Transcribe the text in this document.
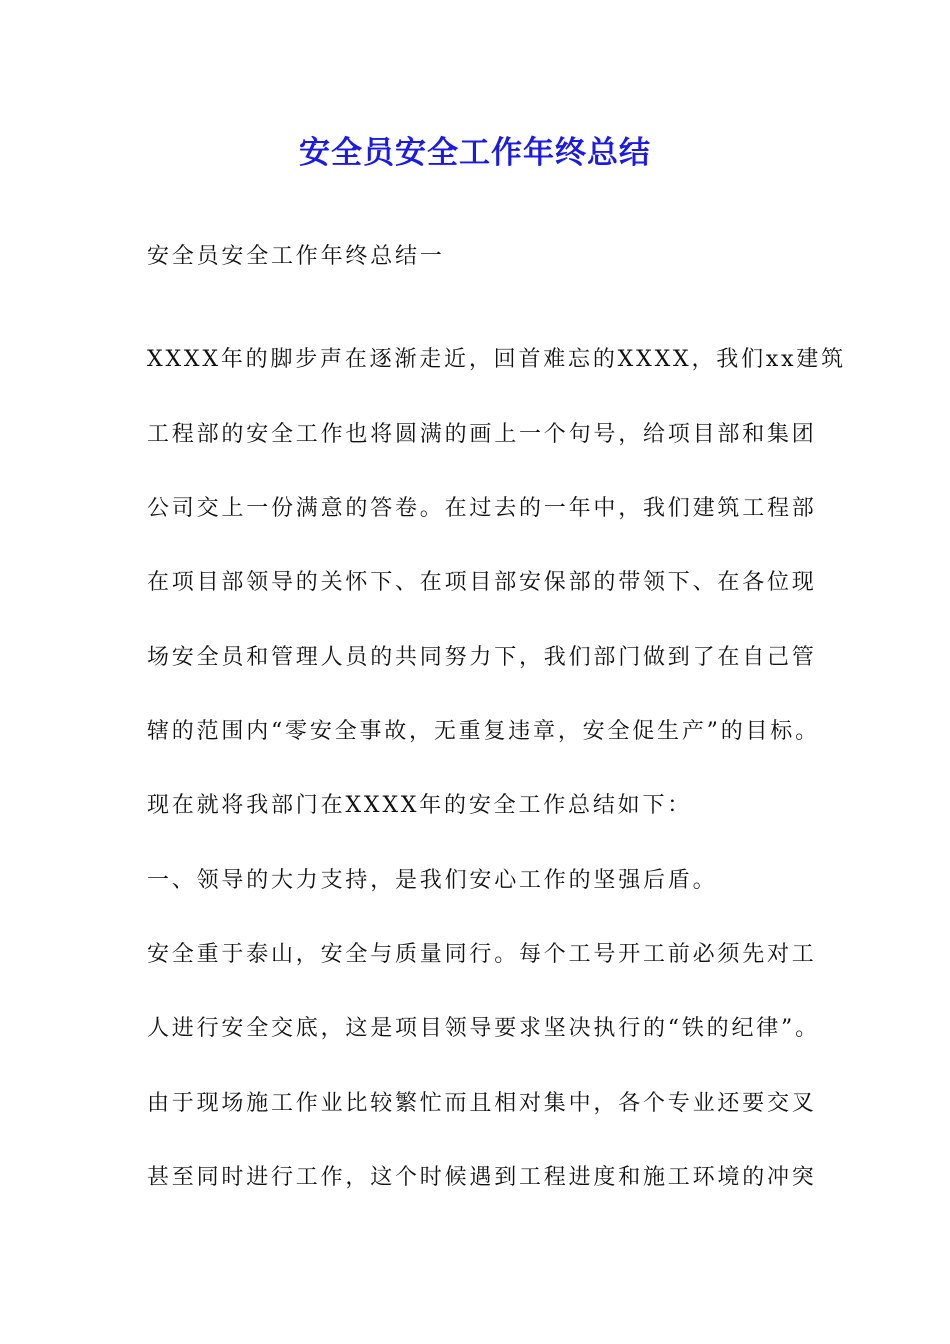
安全员安全工作年终总结
安全员安全工作年终总结一
XXXX年的脚步声在逐渐走近，回首难忘的XXXX，我们xx建筑
工程部的安全工作也将圆满的画上一个句号，给项目部和集团
公司交上一份满意的答卷。在过去的一年中，我们建筑工程部
在项目部领导的关怀下、在项目部安保部的带领下、在各位现
场安全员和管理人员的共同努力下，我们部门做到了在自己管
辖的范围内“零安全事故，无重复违章，安全促生产”的目标。
现在就将我部门在XXXX年的安全工作总结如下：
一、领导的大力支持，是我们安心工作的坚强后盾。
安全重于泰山，安全与质量同行。每个工号开工前必须先对工
人进行安全交底，这是项目领导要求坚决执行的“铁的纪律”。
由于现场施工作业比较繁忙而且相对集中，各个专业还要交叉
甚至同时进行工作，这个时候遇到工程进度和施工环境的冲突
